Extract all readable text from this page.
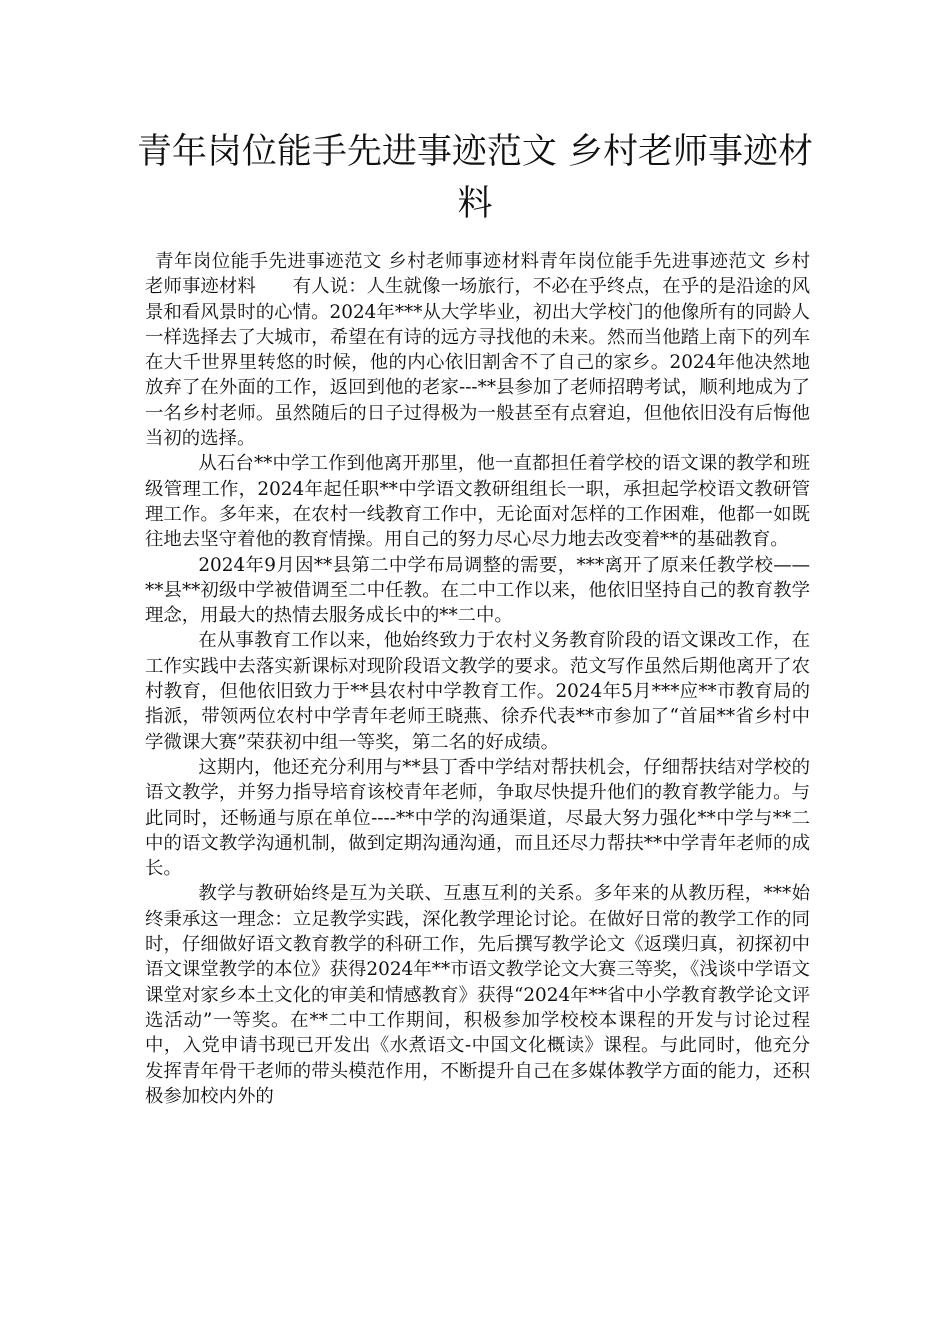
青年岗位能手先进事迹范文 乡村老师事迹材料

青年岗位能手先进事迹范文 乡村老师事迹材料青年岗位能手先进事迹范文 乡村老师事迹材料　　有人说：人生就像一场旅行，不必在乎终点，在乎的是沿途的风景和看风景时的心情。2024年***从大学毕业，初出大学校门的他像所有的同龄人一样选择去了大城市，希望在有诗的远方寻找他的未来。然而当他踏上南下的列车在大千世界里转悠的时候，他的内心依旧割舍不了自己的家乡。2024年他决然地放弃了在外面的工作，返回到他的老家---**县参加了老师招聘考试，顺利地成为了一名乡村老师。虽然随后的日子过得极为一般甚至有点窘迫，但他依旧没有后悔他当初的选择。

从石台**中学工作到他离开那里，他一直都担任着学校的语文课的教学和班级管理工作，2024年起任职**中学语文教研组组长一职，承担起学校语文教研管理工作。多年来，在农村一线教育工作中，无论面对怎样的工作困难，他都一如既往地去坚守着他的教育情操。用自己的努力尽心尽力地去改变着**的基础教育。

2024年9月因**县第二中学布局调整的需要，***离开了原来任教学校——**县**初级中学被借调至二中任教。在二中工作以来，他依旧坚持自己的教育教学理念，用最大的热情去服务成长中的**二中。

在从事教育工作以来，他始终致力于农村义务教育阶段的语文课改工作，在工作实践中去落实新课标对现阶段语文教学的要求。范文写作虽然后期他离开了农村教育，但他依旧致力于**县农村中学教育工作。2024年5月***应**市教育局的指派，带领两位农村中学青年老师王晓燕、徐乔代表**市参加了“首届**省乡村中学微课大赛”荣获初中组一等奖，第二名的好成绩。

这期内，他还充分利用与**县丁香中学结对帮扶机会，仔细帮扶结对学校的语文教学，并努力指导培育该校青年老师，争取尽快提升他们的教育教学能力。与此同时，还畅通与原在单位----**中学的沟通渠道，尽最大努力强化**中学与**二中的语文教学沟通机制，做到定期沟通沟通，而且还尽力帮扶**中学青年老师的成长。

教学与教研始终是互为关联、互惠互利的关系。多年来的从教历程，***始终秉承这一理念：立足教学实践，深化教学理论讨论。在做好日常的教学工作的同时，仔细做好语文教育教学的科研工作，先后撰写教学论文《返璞归真，初探初中语文课堂教学的本位》获得2024年**市语文教学论文大赛三等奖，《浅谈中学语文课堂对家乡本土文化的审美和情感教育》获得“2024年**省中小学教育教学论文评选活动”一等奖。在**二中工作期间，积极参加学校校本课程的开发与讨论过程中，入党申请书现已开发出《水煮语文-中国文化概读》课程。与此同时，他充分发挥青年骨干老师的带头模范作用，不断提升自己在多媒体教学方面的能力，还积极参加校内外的
